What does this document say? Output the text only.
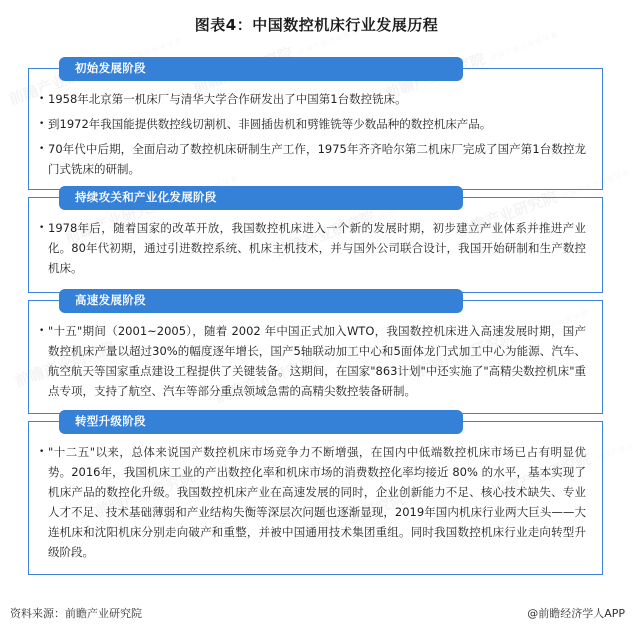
图表4：中国数控机床行业发展历程
初始发展阶段
• 1958年北京第一机床厂与清华大学合作研发出了中国第1台数控铣床。
• 到1972年我国能提供数控线切割机、非圆插齿机和劈锥铣等少数品种的数控机床产品。
• 70年代中后期，全面启动了数控机床研制生产工作，1975年齐齐哈尔第二机床厂完成了国产第1台数控龙门式铣床的研制。
持续攻关和产业化发展阶段
• 1978年后，随着国家的改革开放，我国数控机床进入一个新的发展时期，初步建立产业体系并推进产业化。80年代初期，通过引进数控系统、机床主机技术，并与国外公司联合设计，我国开始研制和生产数控机床。
高速发展阶段
• "十五"期间（2001~2005），随着 2002 年中国正式加入WTO，我国数控机床进入高速发展时期，国产数控机床产量以超过30%的幅度逐年增长，国产5轴联动加工中心和5面体龙门式加工中心为能源、汽车、航空航天等国家重点建设工程提供了关键装备。这期间，在国家"863计划"中还实施了"高精尖数控机床"重点专项，支持了航空、汽车等部分重点领域急需的高精尖数控装备研制。
转型升级阶段
• "十二五"以来，总体来说国产数控机床市场竞争力不断增强，在国内中低端数控机床市场已占有明显优势。2016年，我国机床工业的产出数控化率和机床市场的消费数控化率均接近 80% 的水平，基本实现了机床产品的数控化升级。我国数控机床产业在高速发展的同时，企业创新能力不足、核心技术缺失、专业人才不足、技术基础薄弱和产业结构失衡等深层次问题也逐渐显现，2019年国内机床行业两大巨头——大连机床和沈阳机床分别走向破产和重整，并被中国通用技术集团重组。同时我国数控机床行业走向转型升级阶段。
资料来源：前瞻产业研究院	@前瞻经济学人APP
